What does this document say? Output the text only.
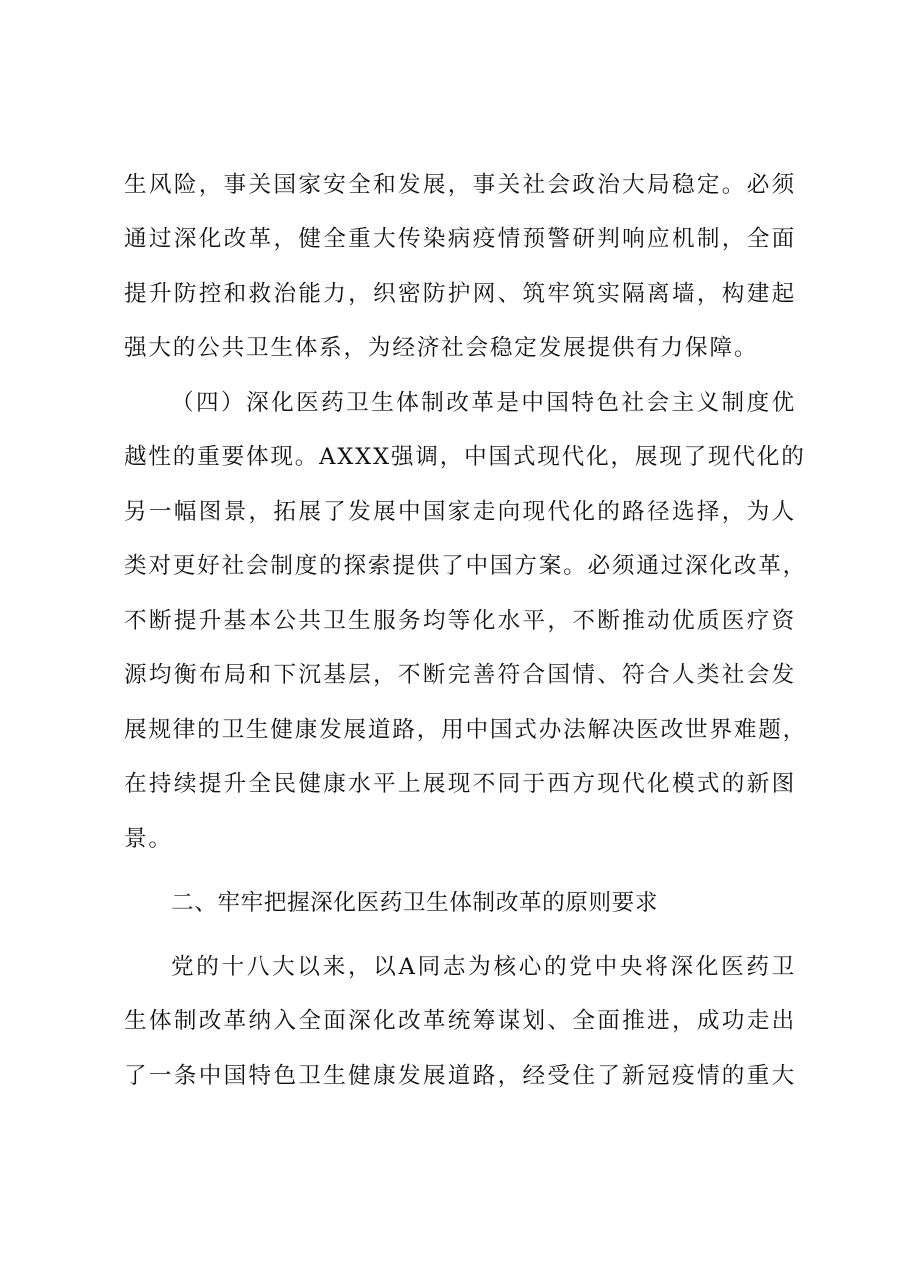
生风险，事关国家安全和发展，事关社会政治大局稳定。必须
通过深化改革，健全重大传染病疫情预警研判响应机制，全面
提升防控和救治能力，织密防护网、筑牢筑实隔离墙，构建起
强大的公共卫生体系，为经济社会稳定发展提供有力保障。
（四）深化医药卫生体制改革是中国特色社会主义制度优
越性的重要体现。AXXX强调，中国式现代化，展现了现代化的
另一幅图景，拓展了发展中国家走向现代化的路径选择，为人
类对更好社会制度的探索提供了中国方案。必须通过深化改革，
不断提升基本公共卫生服务均等化水平，不断推动优质医疗资
源均衡布局和下沉基层，不断完善符合国情、符合人类社会发
展规律的卫生健康发展道路，用中国式办法解决医改世界难题，
在持续提升全民健康水平上展现不同于西方现代化模式的新图
景。
二、牢牢把握深化医药卫生体制改革的原则要求
党的十八大以来，以A同志为核心的党中央将深化医药卫
生体制改革纳入全面深化改革统筹谋划、全面推进，成功走出
了一条中国特色卫生健康发展道路，经受住了新冠疫情的重大
